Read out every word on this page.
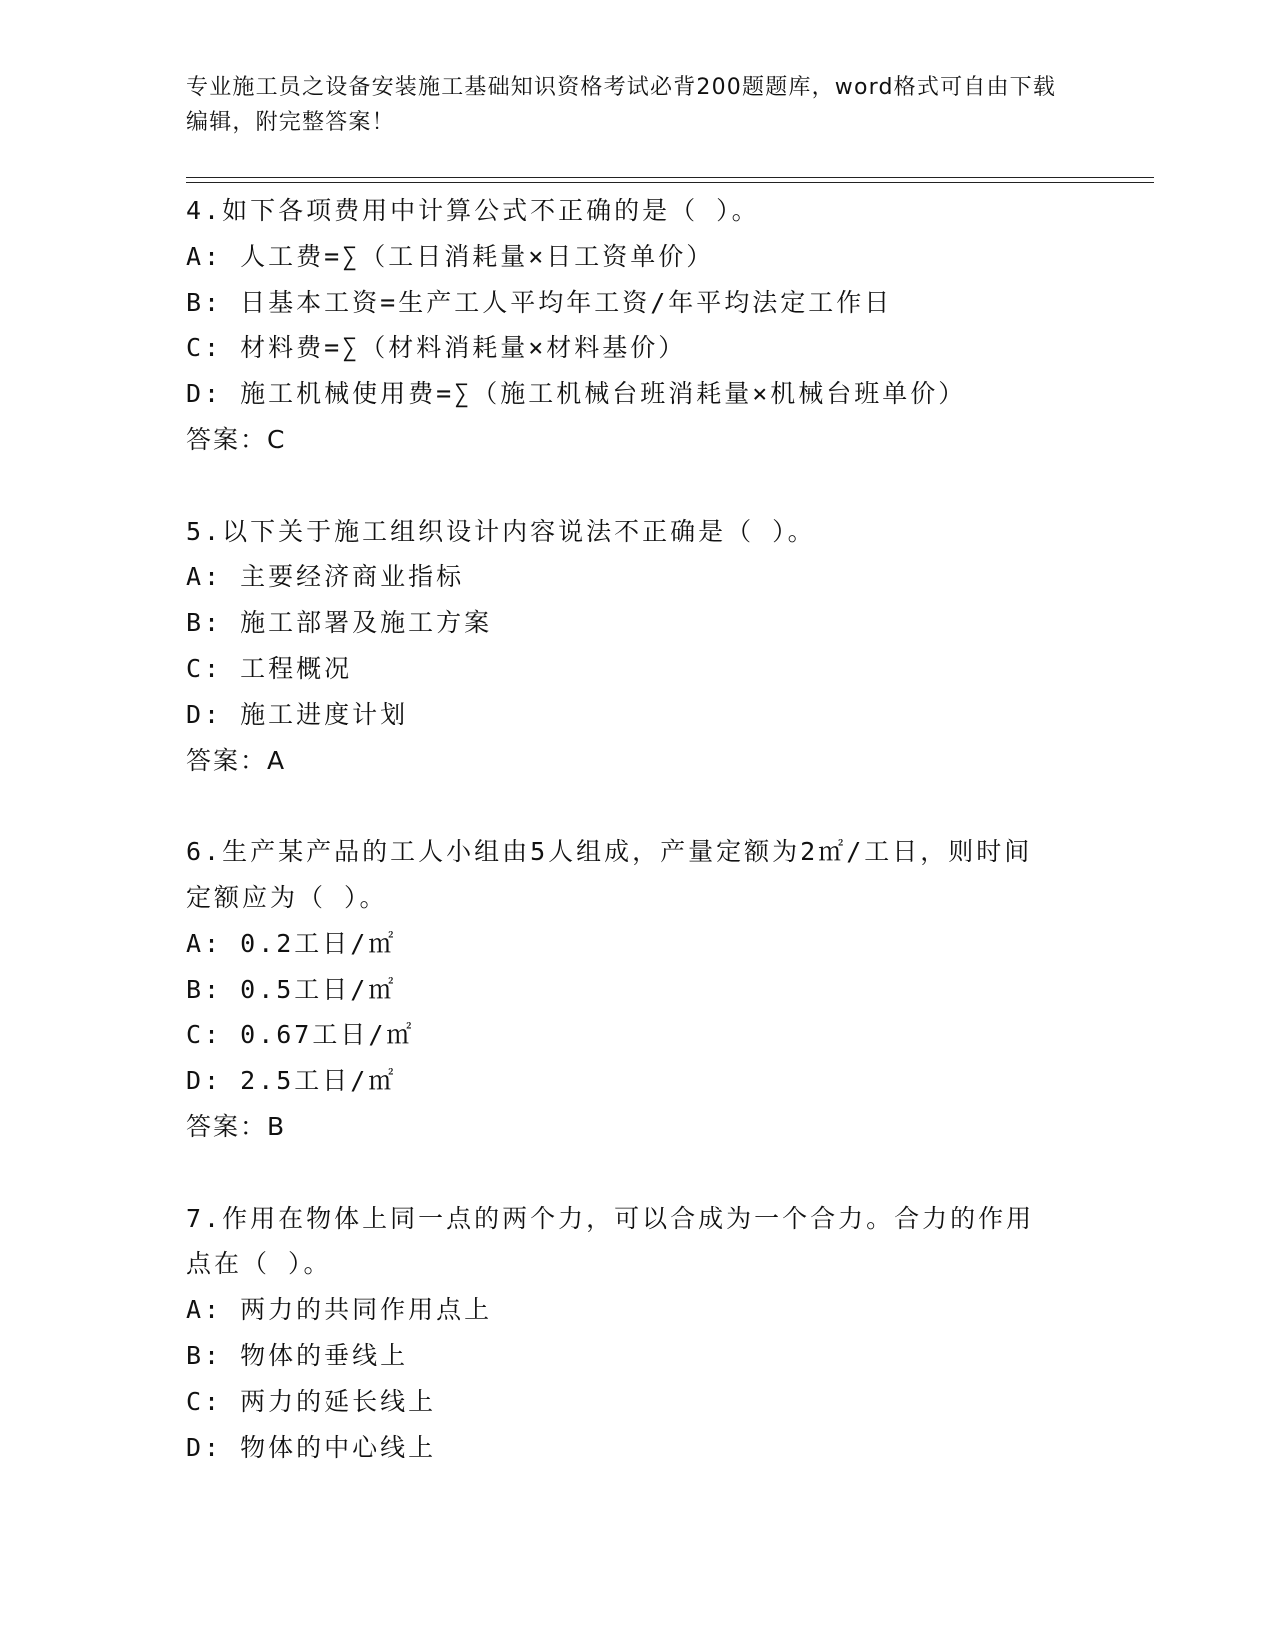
专业施工员之设备安装施工基础知识资格考试必背200题题库，word格式可自由下载编辑，附完整答案！
4.如下各项费用中计算公式不正确的是（ ）。
A: 人工费=∑（工日消耗量×日工资单价）
B: 日基本工资=生产工人平均年工资/年平均法定工作日
C: 材料费=∑（材料消耗量×材料基价）
D: 施工机械使用费=∑（施工机械台班消耗量×机械台班单价）
答案：C
5.以下关于施工组织设计内容说法不正确是（ ）。
A: 主要经济商业指标
B: 施工部署及施工方案
C: 工程概况
D: 施工进度计划
答案：A
6.生产某产品的工人小组由5人组成，产量定额为2㎡/工日，则时间
定额应为（ ）。
A: 0.2工日/㎡
B: 0.5工日/㎡
C: 0.67工日/㎡
D: 2.5工日/㎡
答案：B
7.作用在物体上同一点的两个力，可以合成为一个合力。合力的作用
点在（ ）。
A: 两力的共同作用点上
B: 物体的垂线上
C: 两力的延长线上
D: 物体的中心线上
